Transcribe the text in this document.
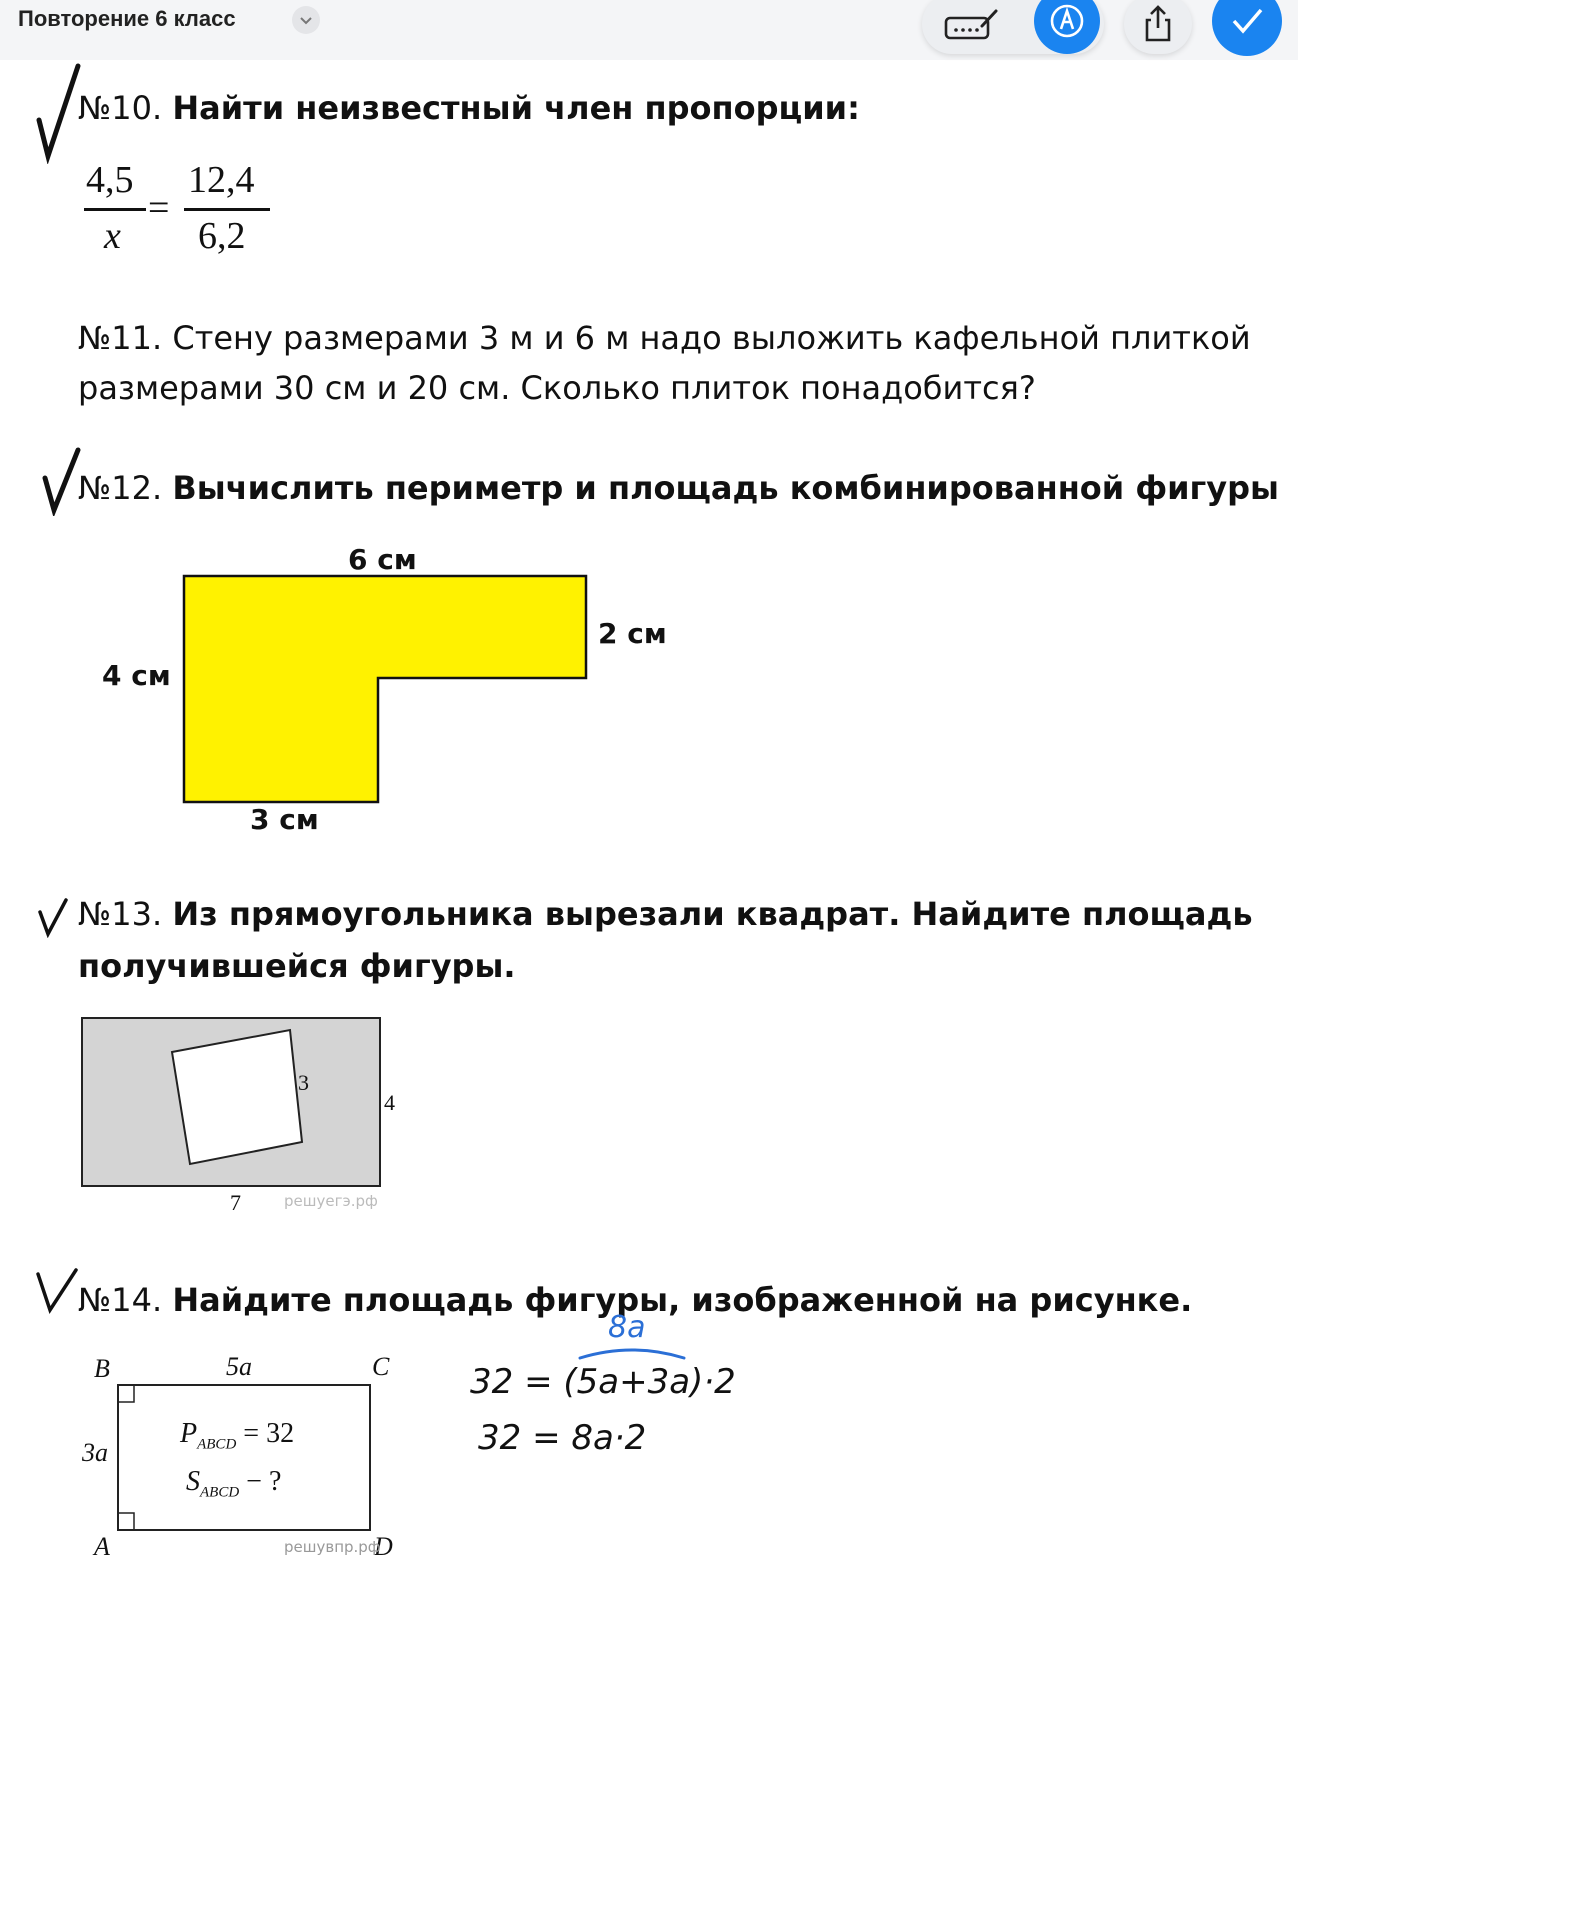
Повторение 6 класс
№10. Найти неизвестный член пропорции:
4,5
x
=
12,4
6,2
№11. Стену размерами 3 м и 6 м надо выложить кафельной плиткой
размерами 30 см и 20 см. Сколько плиток понадобится?
№12. Вычислить периметр и площадь комбинированной фигуры
6 см
2 см
4 см
3 см
№13. Из прямоугольника вырезали квадрат. Найдите площадь
получившейся фигуры.
3
4
7	решуегэ.рф
№14. Найдите площадь фигуры, изображенной на рисунке.
B	C
A	D
5a
3a
$P_{ABCD} = 32$
$S_{ABCD}$ − ?
решувпр.рф
8a
32 = (5a+3a)·2
32 = 8a·2
